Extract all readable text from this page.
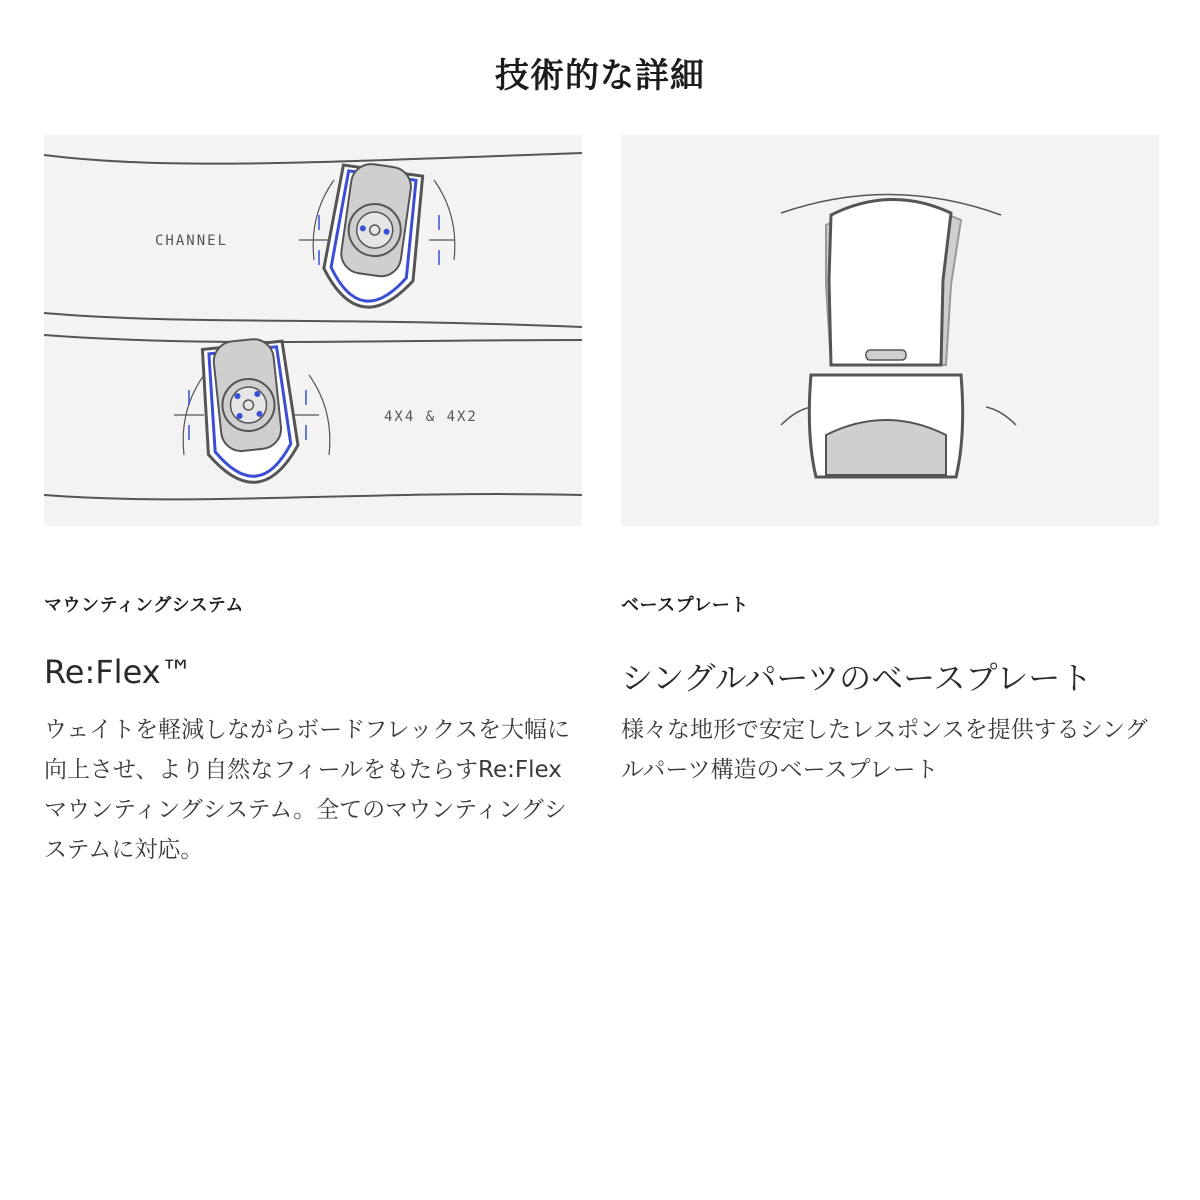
技術的な詳細
CHANNEL
4X4 & 4X2
マウンティングシステム
Re:Flex™

ウェイトを軽減しながらボードフレックスを大幅に向上させ、より自然なフィールをもたらすRe:Flexマウンティングシステム。全てのマウンティングシステムに対応。

ベースプレート
シングルパーツのベースプレート

様々な地形で安定したレスポンスを提供するシングルパーツ構造のベースプレート
